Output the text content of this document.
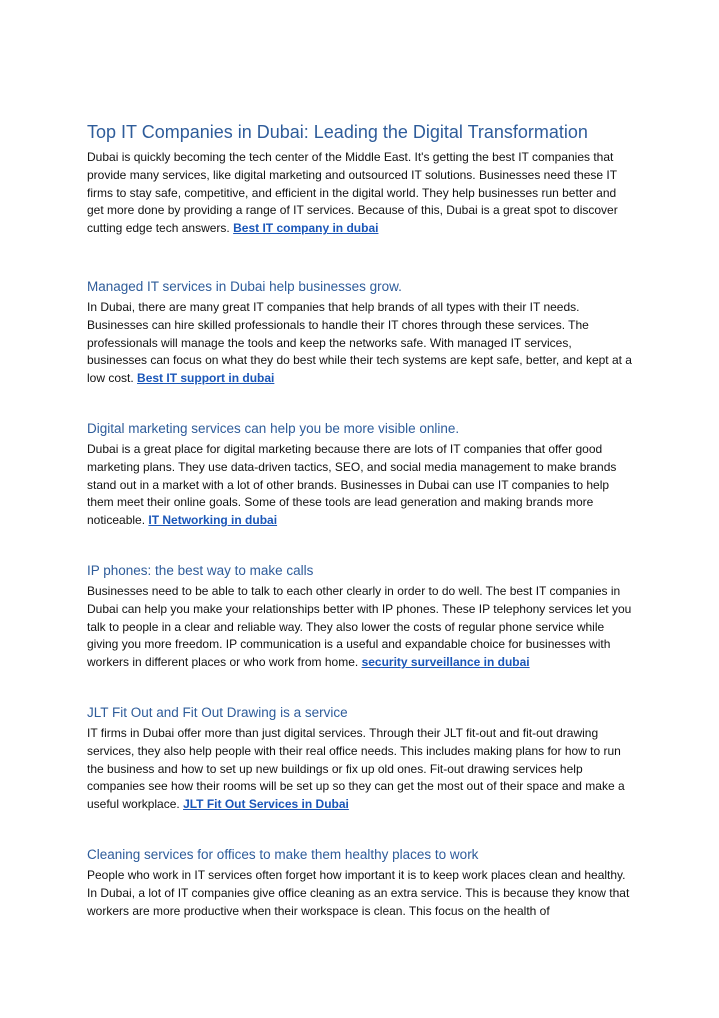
Top IT Companies in Dubai: Leading the Digital Transformation

Dubai is quickly becoming the tech center of the Middle East. It's getting the best IT companies that provide many services, like digital marketing and outsourced IT solutions. Businesses need these IT firms to stay safe, competitive, and efficient in the digital world. They help businesses run better and get more done by providing a range of IT services. Because of this, Dubai is a great spot to discover cutting edge tech answers. Best IT company in dubai

Managed IT services in Dubai help businesses grow.

In Dubai, there are many great IT companies that help brands of all types with their IT needs. Businesses can hire skilled professionals to handle their IT chores through these services. The professionals will manage the tools and keep the networks safe. With managed IT services, businesses can focus on what they do best while their tech systems are kept safe, better, and kept at a low cost. Best IT support in dubai

Digital marketing services can help you be more visible online.

Dubai is a great place for digital marketing because there are lots of IT companies that offer good marketing plans. They use data-driven tactics, SEO, and social media management to make brands stand out in a market with a lot of other brands. Businesses in Dubai can use IT companies to help them meet their online goals. Some of these tools are lead generation and making brands more noticeable. IT Networking in dubai

IP phones: the best way to make calls

Businesses need to be able to talk to each other clearly in order to do well. The best IT companies in Dubai can help you make your relationships better with IP phones. These IP telephony services let you talk to people in a clear and reliable way. They also lower the costs of regular phone service while giving you more freedom. IP communication is a useful and expandable choice for businesses with workers in different places or who work from home. security surveillance in dubai

JLT Fit Out and Fit Out Drawing is a service

IT firms in Dubai offer more than just digital services. Through their JLT fit-out and fit-out drawing services, they also help people with their real office needs. This includes making plans for how to run the business and how to set up new buildings or fix up old ones. Fit-out drawing services help companies see how their rooms will be set up so they can get the most out of their space and make a useful workplace. JLT Fit Out Services in Dubai

Cleaning services for offices to make them healthy places to work

People who work in IT services often forget how important it is to keep work places clean and healthy. In Dubai, a lot of IT companies give office cleaning as an extra service. This is because they know that workers are more productive when their workspace is clean. This focus on the health of
